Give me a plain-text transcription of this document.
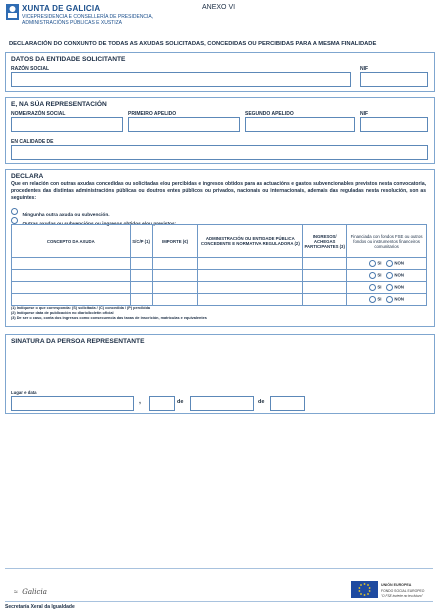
XUNTA DE GALICIA
VICEPRESIDENCIA E CONSELLERÍA DE PRESIDENCIA,
ADMINISTRACIÓNS PÚBLICAS E XUSTIZA
ANEXO VI
DECLARACIÓN DO CONXUNTO DE TODAS AS AXUDAS SOLICITADAS, CONCEDIDAS OU PERCIBIDAS PARA A MESMA FINALIDADE
DATOS DA ENTIDADE SOLICITANTE
RAZÓN SOCIAL	NIF
E, NA SÚA REPRESENTACIÓN
NOME/RAZÓN SOCIAL	PRIMEIRO APELIDO	SEGUNDO APELIDO	NIF
EN CALIDADE DE
DECLARA
Que en relación con outras axudas concedidas ou solicitadas e/ou percibidas e ingresos obtidos para as actuacións e gastos subvencionables previstos nesta convocatoria, procedentes das distintas administracións públicas ou doutros entes públicos ou privados, nacionais ou internacionais, ademais das reguladas nesta resolución, son as seguintes:
Ningunha outra axuda ou subvención.
Outras axudas ou subvencións ou ingresos obtidos e/ou previstos:
CONCEPTO DA AXUDA	S/C/P (1)	IMPORTE (€)	ADMINISTRACIÓN OU ENTIDADE PÚBLICA CONCEDENTE E NORMATIVA REGULADORA (2)	INGRESOS/ ACHEGAS PARTICIPANTES (3)	Financiada con fondos FSE ou outros fondos ou instrumentos financeiros comunitarios
					SI NON
					SI NON
					SI NON
					SI NON
(1) Indíquese o que corresponda: (S) solicitada / (C) concedida / (P) percibida
(2) Indíquese data de publicación no diario/boletín oficial
(3) De ser o caso, conta dos ingresos como consecuencia das taxas de inscrición, matrículas e equivalentes
SINATURA DA PERSOA REPRESENTANTE
Lugar e data
,	de	de
≈ Galicia
UNIÓN EUROPEA
FONDO SOCIAL EUROPEO
"O FSE invierte no teu futuro"
Secretaría Xeral da Igualdade
